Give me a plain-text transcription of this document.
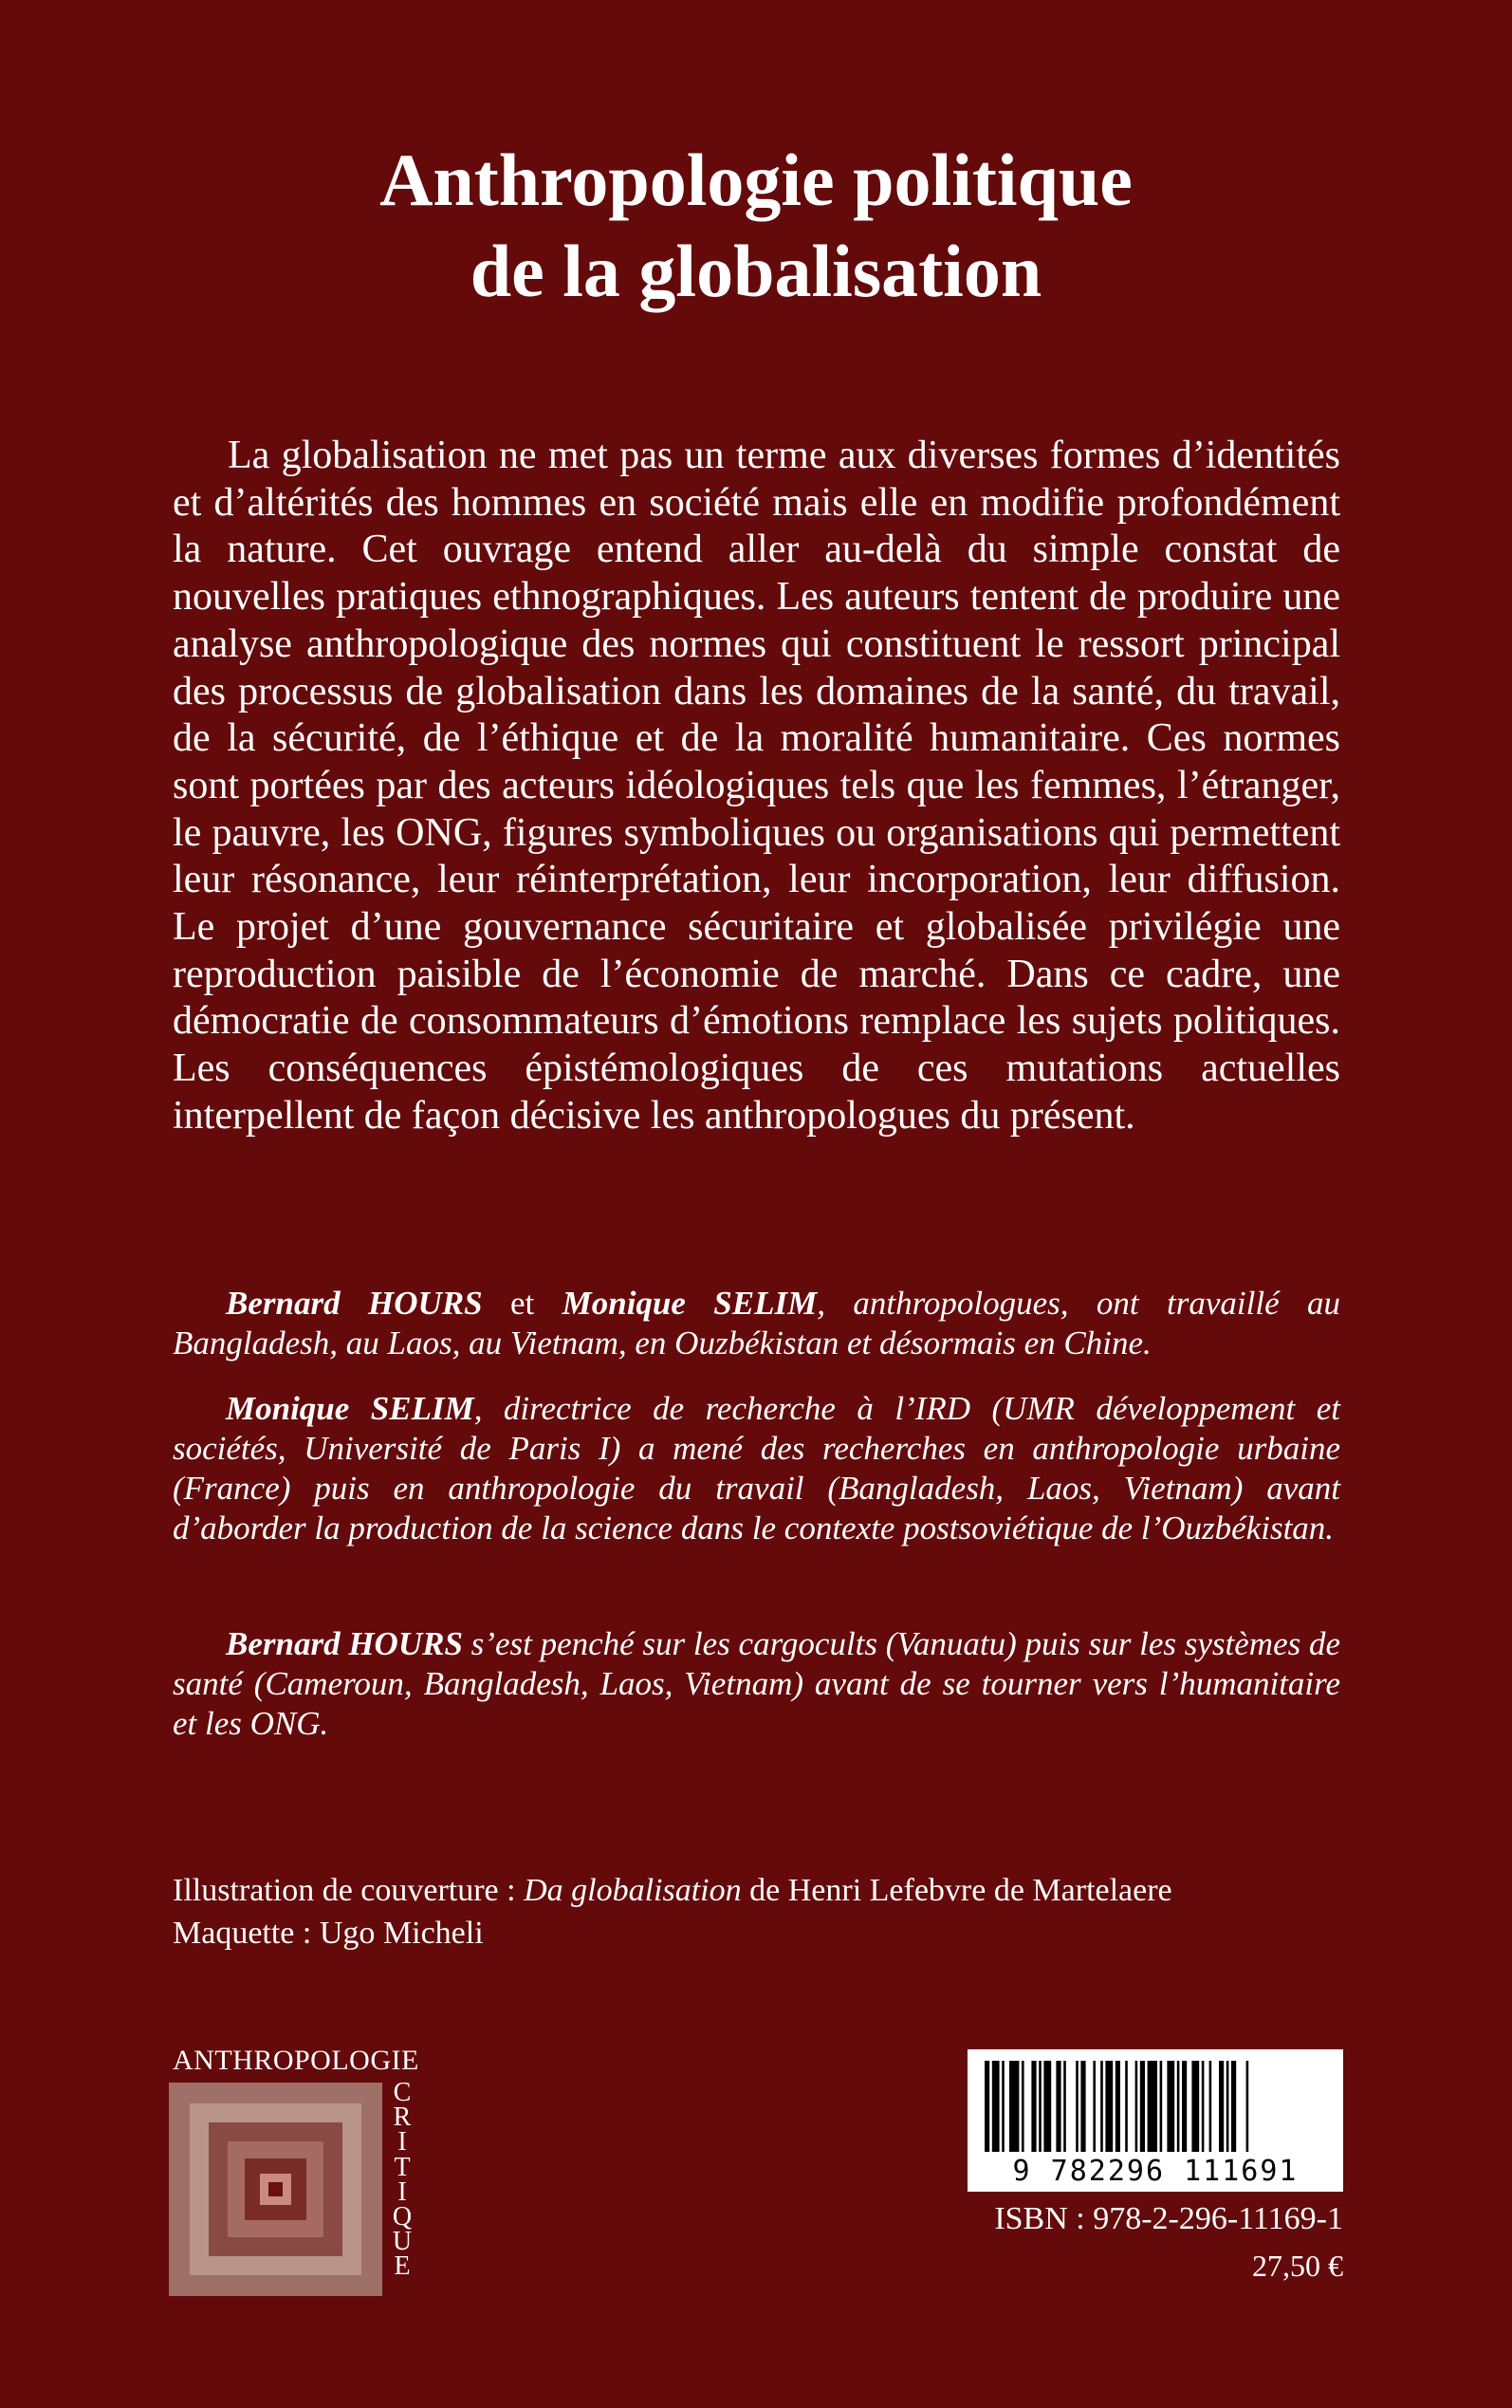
Anthropologie politique
de la globalisation

La globalisation ne met pas un terme aux diverses formes d’identités et d’altérités des hommes en société mais elle en modifie profondément la nature. Cet ouvrage entend aller au-delà du simple constat de nouvelles pratiques ethnographiques. Les auteurs tentent de produire une analyse anthropologique des normes qui constituent le ressort principal des processus de globalisation dans les domaines de la santé, du travail, de la sécurité, de l’éthique et de la moralité humanitaire. Ces normes sont portées par des acteurs idéologiques tels que les femmes, l’étranger, le pauvre, les ONG, figures symboliques ou organisations qui permettent leur résonance, leur réinterprétation, leur incorporation, leur diffusion. Le projet d’une gouvernance sécuritaire et globalisée privilégie une reproduction paisible de l’économie de marché. Dans ce cadre, une démocratie de consommateurs d’émotions remplace les sujets politiques. Les conséquences épistémologiques de ces mutations actuelles interpellent de façon décisive les anthropologues du présent.

Bernard HOURS et Monique SELIM, anthropologues, ont travaillé au Bangladesh, au Laos, au Vietnam, en Ouzbékistan et désormais en Chine.

Monique SELIM, directrice de recherche à l’IRD (UMR développement et sociétés, Université de Paris I) a mené des recherches en anthropologie urbaine (France) puis en anthropologie du travail (Bangladesh, Laos, Vietnam) avant d’aborder la production de la science dans le contexte postsoviétique de l’Ouzbékistan.

Bernard HOURS s’est penché sur les cargocults (Vanuatu) puis sur les systèmes de santé (Cameroun, Bangladesh, Laos, Vietnam) avant de se tourner vers l’humanitaire et les ONG.

Illustration de couverture : Da globalisation de Henri Lefebvre de Martelaere
Maquette : Ugo Micheli
ANTHROPOLOGIE
CRITIQUE
9 782296 111691
ISBN : 978-2-296-11169-1
27,50 €
